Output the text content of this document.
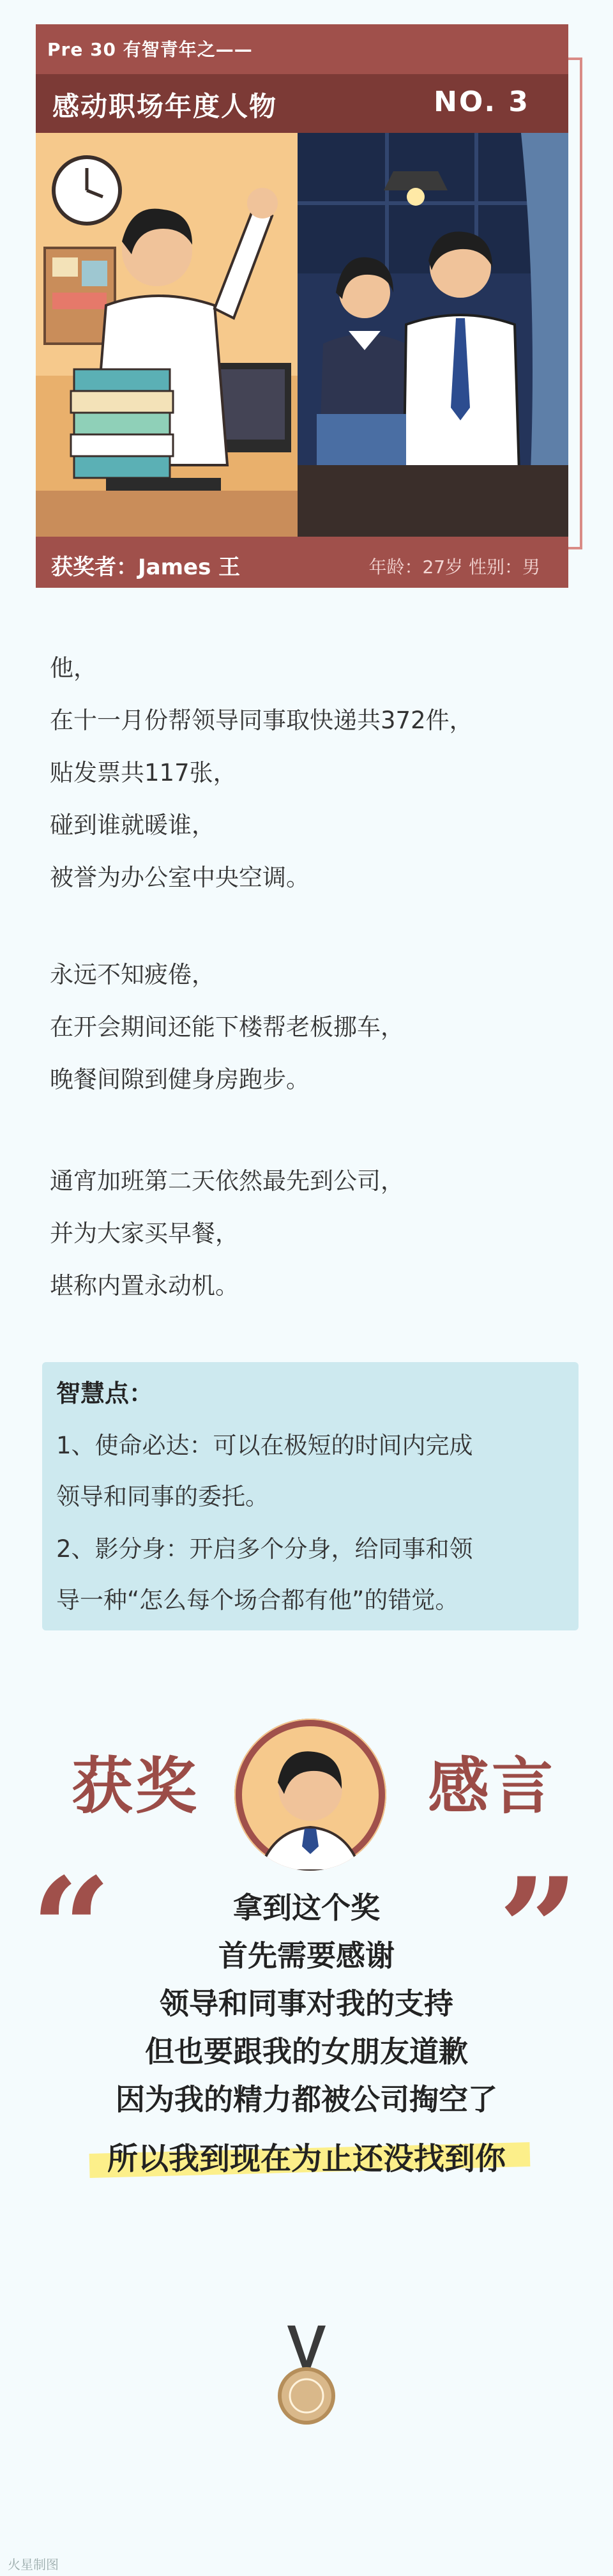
Pre 30 有智青年之——
感动职场年度人物	NO. 3
获奖者：James 王	年龄：27岁 性别：男
他，
在十一月份帮领导同事取快递共372件，
贴发票共117张，
碰到谁就暖谁，
被誉为办公室中央空调。
永远不知疲倦，
在开会期间还能下楼帮老板挪车，
晚餐间隙到健身房跑步。
通宵加班第二天依然最先到公司，
并为大家买早餐，
堪称内置永动机。
智慧点：
1、使命必达：可以在极短的时间内完成
领导和同事的委托。
2、影分身：开启多个分身，给同事和领
导一种“怎么每个场合都有他”的错觉。
获奖	感言
“	”
拿到这个奖
首先需要感谢
领导和同事对我的支持
但也要跟我的女朋友道歉
因为我的精力都被公司掏空了
所以我到现在为止还没找到你
火星制图
